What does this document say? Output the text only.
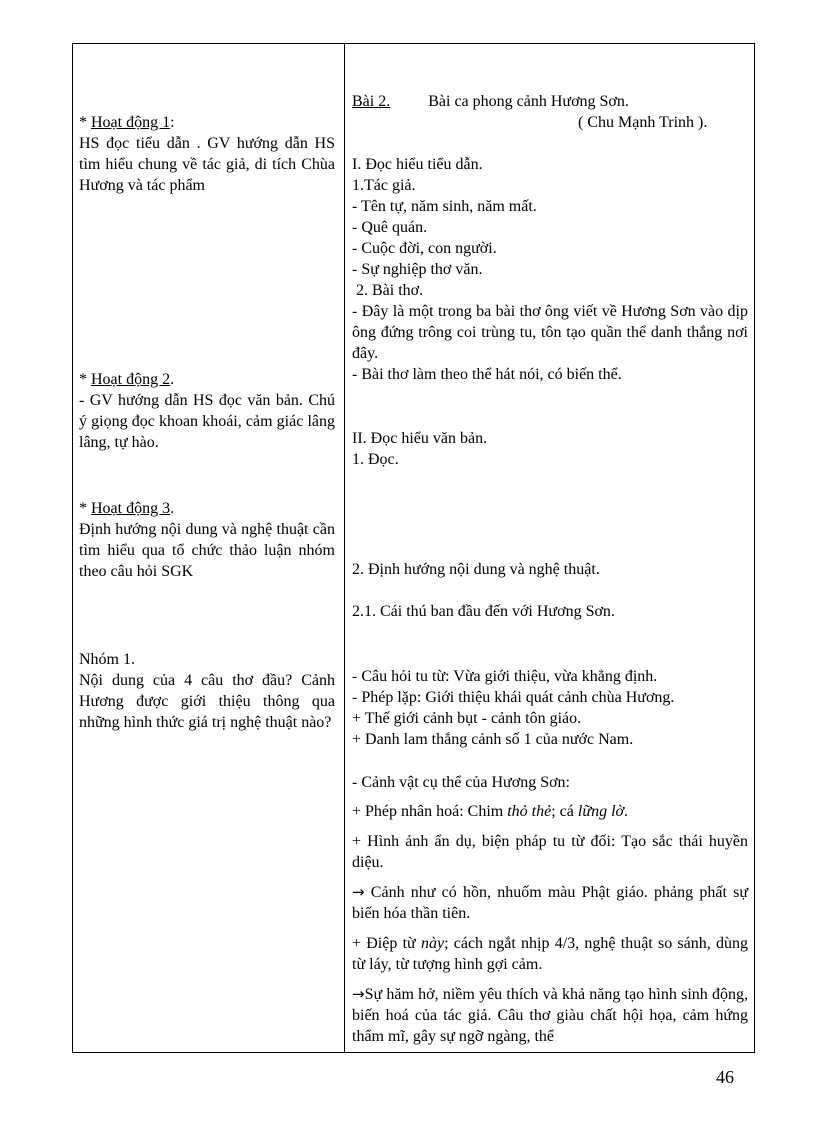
* Hoạt động 1:
HS đọc tiểu dẫn . GV hướng dẫn HS tìm hiểu chung về tác giả, di tích Chùa Hương và tác phẩm
* Hoạt động 2.
- GV hướng dẫn HS đọc văn bản. Chú ý giọng đọc khoan khoái, cảm giác lâng lâng, tự hào.
* Hoạt động 3.
Định hướng nội dung và nghệ thuật cần tìm hiểu qua tổ chức thảo luận nhóm theo câu hỏi SGK
Nhóm 1.
Nội dung của 4 câu thơ đầu? Cảnh Hương được giới thiệu thông qua những hình thức giá trị nghệ thuật nào?
Bài 2. Bài ca phong cảnh Hương Sơn.
( Chu Mạnh Trinh ).
I. Đọc hiểu tiểu dẫn.
1.Tác giả.
- Tên tự, năm sinh, năm mất.
- Quê quán.
- Cuộc đời, con người.
- Sự nghiệp thơ văn.
2. Bài thơ.
- Đây là một trong ba bài thơ ông viết về Hương Sơn vào dịp ông đứng trông coi trùng tu, tôn tạo quần thể danh thắng nơi đây.
- Bài thơ làm theo thể hát nói, có biến thể.
II. Đọc hiểu văn bản.
1. Đọc.
2. Định hướng nội dung và nghệ thuật.
2.1. Cái thú ban đầu đến với Hương Sơn.
- Câu hỏi tu từ: Vừa giới thiệu, vừa khẳng định.
- Phép lặp: Giới thiệu khái quát cảnh chùa Hương.
+ Thế giới cảnh bụt - cảnh tôn giáo.
+ Danh lam thắng cảnh số 1 của nước Nam.
- Cảnh vật cụ thể của Hương Sơn:
+ Phép nhân hoá: Chim thỏ thẻ; cá lững lờ.
+ Hình ảnh ẩn dụ, biện pháp tu từ đối: Tạo sắc thái huyền diệu.
→ Cảnh như có hồn, nhuốm màu Phật giáo. phảng phất sự biến hóa thần tiên.
+ Điệp từ này; cách ngắt nhịp 4/3, nghệ thuật so sánh, dùng từ láy, từ tượng hình gợi cảm.
→Sự hăm hở, niềm yêu thích và khả năng tạo hình sinh động, biến hoá của tác giả. Câu thơ giàu chất hội họa, cảm hứng thẩm mĩ, gây sự ngỡ ngàng, thể
46
